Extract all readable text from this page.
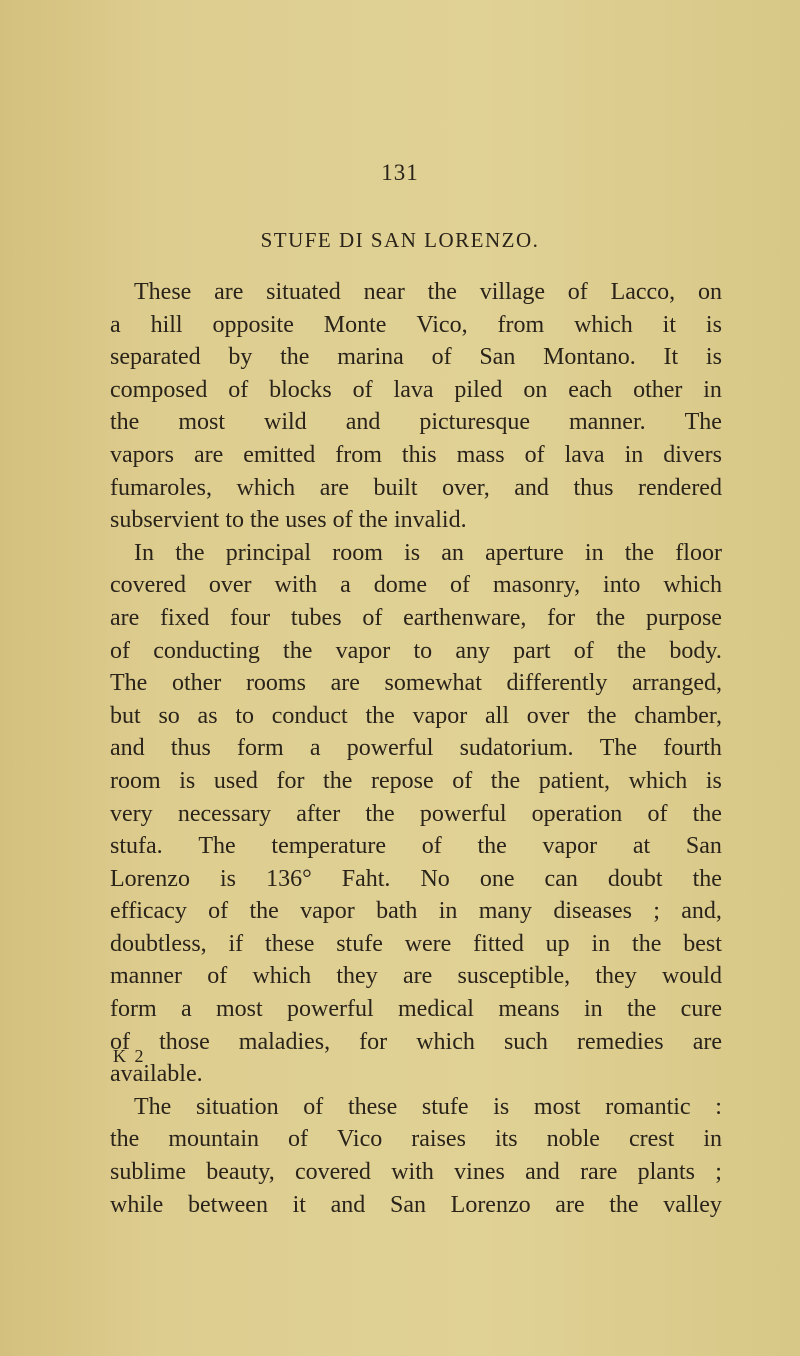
131
STUFE DI SAN LORENZO.
These are situated near the village of Lacco, on
a hill opposite Monte Vico, from which it is
separated by the marina of San Montano. It is
composed of blocks of lava piled on each other in
the most wild and picturesque manner. The
vapors are emitted from this mass of lava in divers
fumaroles, which are built over, and thus rendered
subservient to the uses of the invalid.
In the principal room is an aperture in the floor
covered over with a dome of masonry, into which
are fixed four tubes of earthenware, for the purpose
of conducting the vapor to any part of the body.
The other rooms are somewhat differently arranged,
but so as to conduct the vapor all over the chamber,
and thus form a powerful sudatorium. The fourth
room is used for the repose of the patient, which is
very necessary after the powerful operation of the
stufa. The temperature of the vapor at San
Lorenzo is 136° Faht. No one can doubt the
efficacy of the vapor bath in many diseases ; and,
doubtless, if these stufe were fitted up in the best
manner of which they are susceptible, they would
form a most powerful medical means in the cure
of those maladies, for which such remedies are
available.
The situation of these stufe is most romantic :
the mountain of Vico raises its noble crest in
sublime beauty, covered with vines and rare plants ;
while between it and San Lorenzo are the valley
K 2
